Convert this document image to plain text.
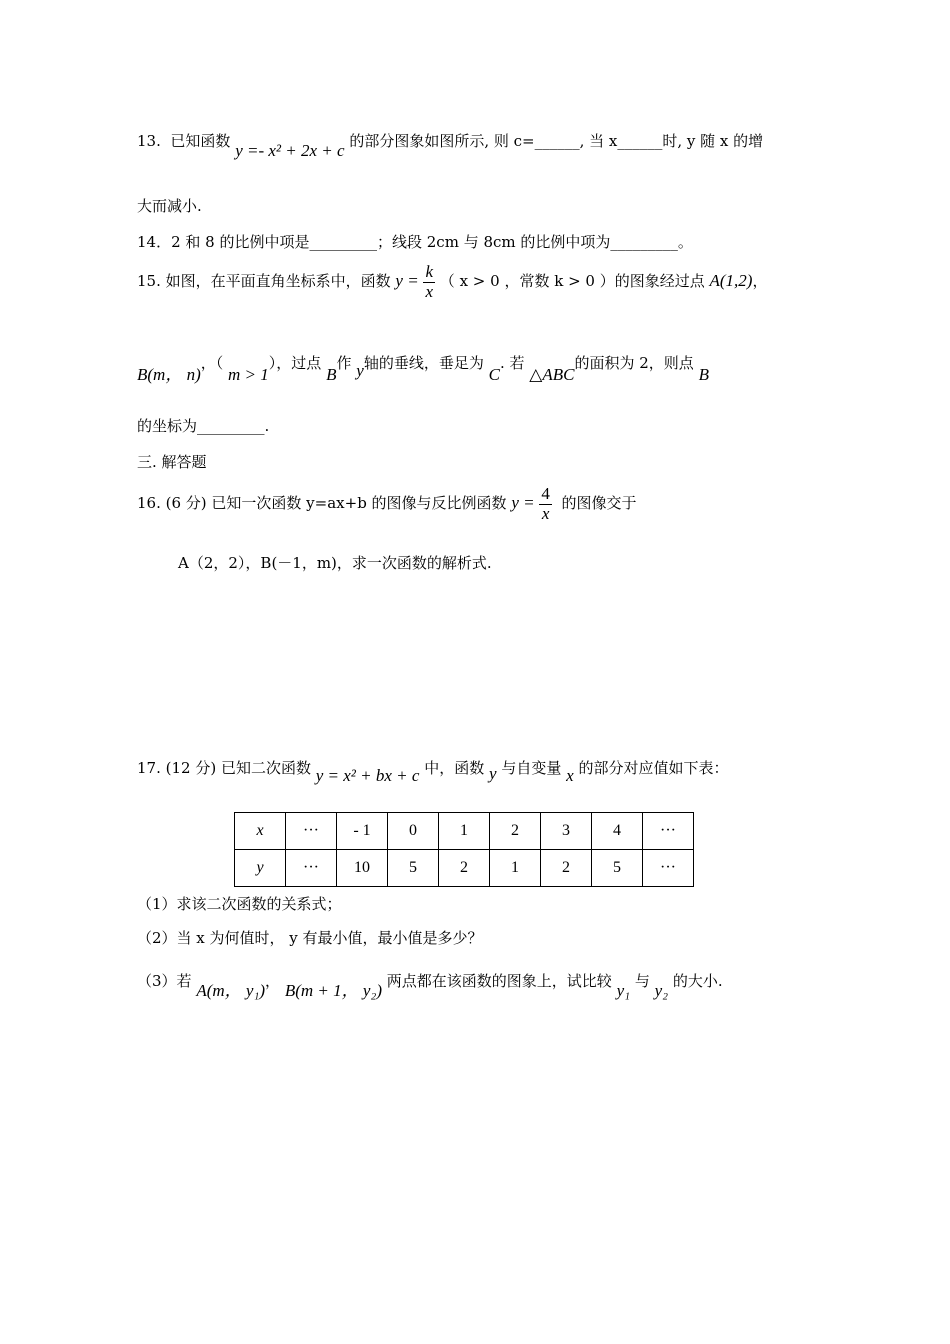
13. 已知函数 y =- x² + 2x + c 的部分图象如图所示, 则 c=______, 当 x______时, y 随 x 的增
大而减小.
14．2 和 8 的比例中项是_________；线段 2cm 与 8cm 的比例中项为_________。
15. 如图，在平面直角坐标系中，函数 $y = \frac{k}{x}$ （ x > 0 ，常数 k > 0 ）的图象经过点 A(1,2)，
B(m， n)，（ m > 1），过点 B作 y轴的垂线，垂足为 C. 若 △ABC的面积为 2，则点 B
的坐标为_________.
三. 解答题
16. (6 分) 已知一次函数 y=ax+b 的图像与反比例函数 $y = \frac{4}{x}$ 的图像交于
A（2，2），B(－1，m)，求一次函数的解析式.
17. (12 分) 已知二次函数 y = x² + bx + c 中，函数 y 与自变量 x 的部分对应值如下表：
x	···	- 1	0	1	2	3	4	···
y	···	10	5	2	1	2	5	···
（1）求该二次函数的关系式；
（2）当 x 为何值时， y 有最小值，最小值是多少？
（3）若 A(m， y₁)， B(m + 1， y₂) 两点都在该函数的图象上，试比较 y₁ 与 y₂ 的大小.
